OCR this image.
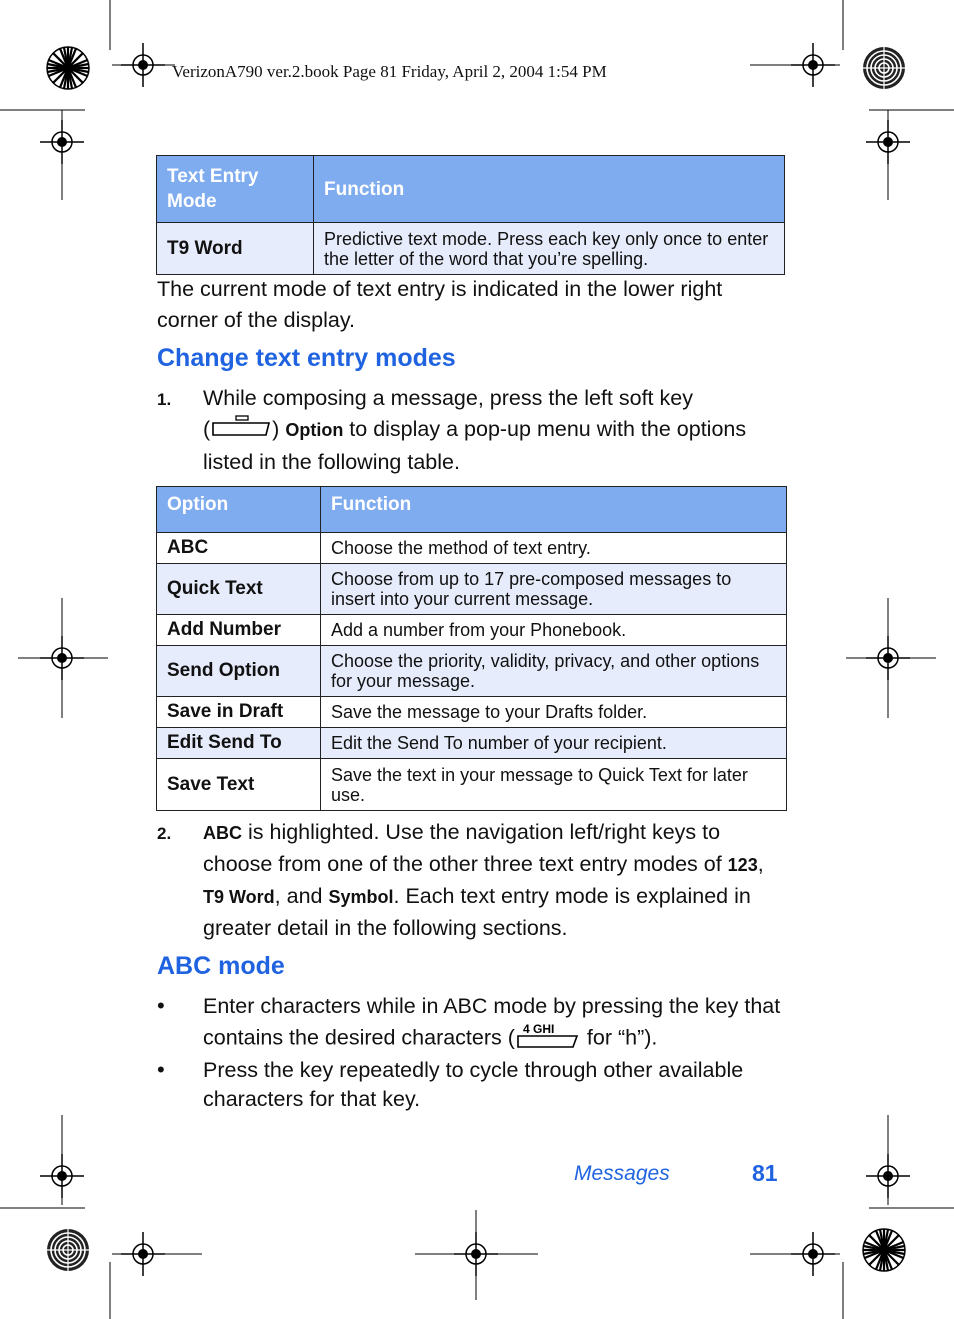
VerizonA790 ver.2.book Page 81 Friday, April 2, 2004 1:54 PM
Text Entry Mode	Function
T9 Word	Predictive text mode. Press each key only once to enter the letter of the word that you’re spelling.
The current mode of text entry is indicated in the lower right corner of the display.
Change text entry modes
1. While composing a message, press the left soft key
(	) Option to display a pop-up menu with the options listed in the following table.
Option	Function
ABC	Choose the method of text entry.
Quick Text	Choose from up to 17 pre-composed messages to insert into your current message.
Add Number	Add a number from your Phonebook.
Send Option	Choose the priority, validity, privacy, and other options for your message.
Save in Draft	Save the message to your Drafts folder.
Edit Send To	Edit the Send To number of your recipient.
Save Text	Save the text in your message to Quick Text for later use.
2. ABC is highlighted. Use the navigation left/right keys to choose from one of the other three text entry modes of 123, T9 Word, and Symbol. Each text entry mode is explained in greater detail in the following sections.
ABC mode
• Enter characters while in ABC mode by pressing the key that contains the desired characters ( 4 GHI for “h”).
• Press the key repeatedly to cycle through other available characters for that key.
Messages	81
